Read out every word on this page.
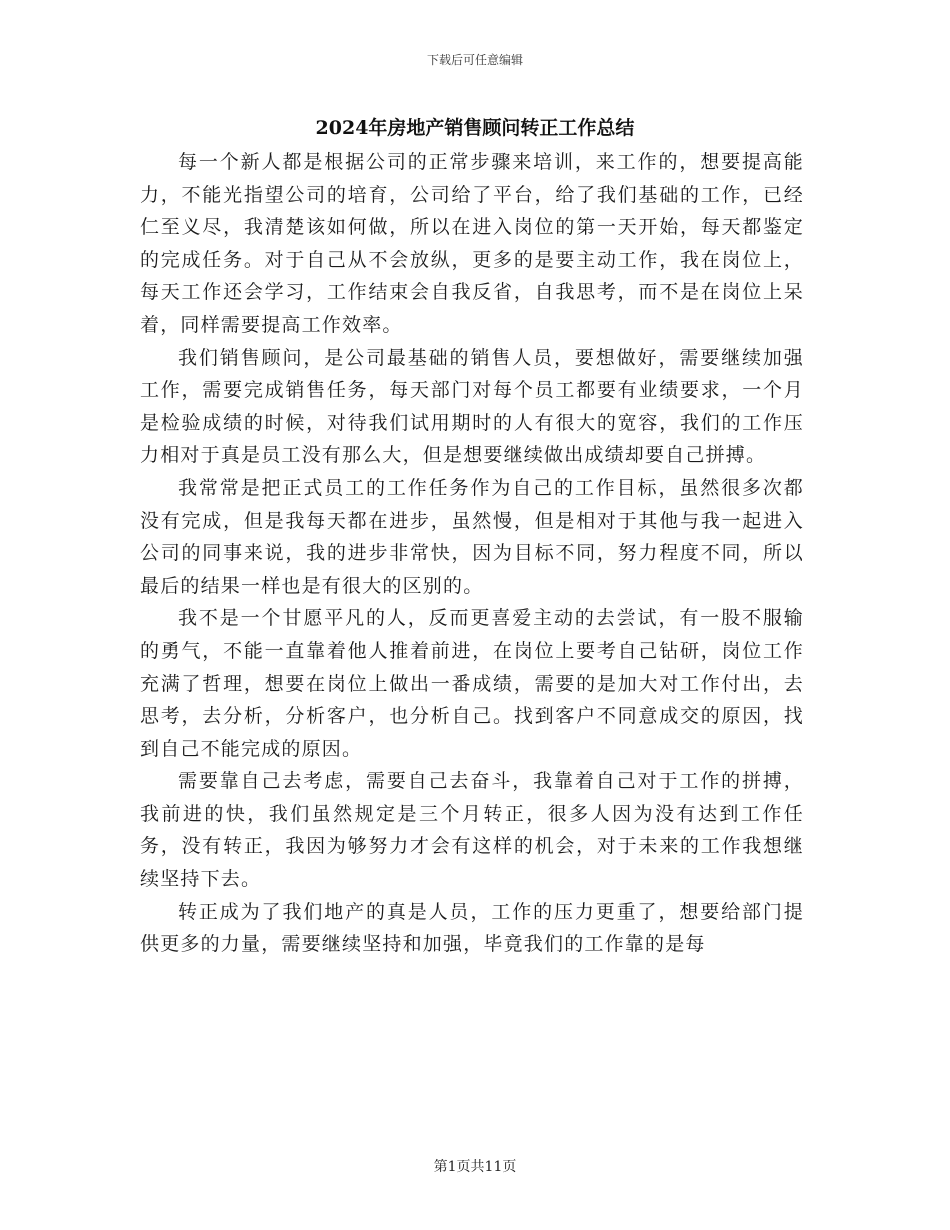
下载后可任意编辑
2024年房地产销售顾问转正工作总结

每一个新人都是根据公司的正常步骤来培训，来工作的，想要提高能力，不能光指望公司的培育，公司给了平台，给了我们基础的工作，已经仁至义尽，我清楚该如何做，所以在进入岗位的第一天开始，每天都鉴定的完成任务。对于自己从不会放纵，更多的是要主动工作，我在岗位上，每天工作还会学习，工作结束会自我反省，自我思考，而不是在岗位上呆着，同样需要提高工作效率。

我们销售顾问，是公司最基础的销售人员，要想做好，需要继续加强工作，需要完成销售任务，每天部门对每个员工都要有业绩要求，一个月是检验成绩的时候，对待我们试用期时的人有很大的宽容，我们的工作压力相对于真是员工没有那么大，但是想要继续做出成绩却要自己拼搏。

我常常是把正式员工的工作任务作为自己的工作目标，虽然很多次都没有完成，但是我每天都在进步，虽然慢，但是相对于其他与我一起进入公司的同事来说，我的进步非常快，因为目标不同，努力程度不同，所以最后的结果一样也是有很大的区别的。

我不是一个甘愿平凡的人，反而更喜爱主动的去尝试，有一股不服输的勇气，不能一直靠着他人推着前进，在岗位上要考自己钻研，岗位工作充满了哲理，想要在岗位上做出一番成绩，需要的是加大对工作付出，去思考，去分析，分析客户，也分析自己。找到客户不同意成交的原因，找到自己不能完成的原因。

需要靠自己去考虑，需要自己去奋斗，我靠着自己对于工作的拼搏，我前进的快，我们虽然规定是三个月转正，很多人因为没有达到工作任务，没有转正，我因为够努力才会有这样的机会，对于未来的工作我想继续坚持下去。

转正成为了我们地产的真是人员，工作的压力更重了，想要给部门提供更多的力量，需要继续坚持和加强，毕竟我们的工作靠的是每

第1页共11页
